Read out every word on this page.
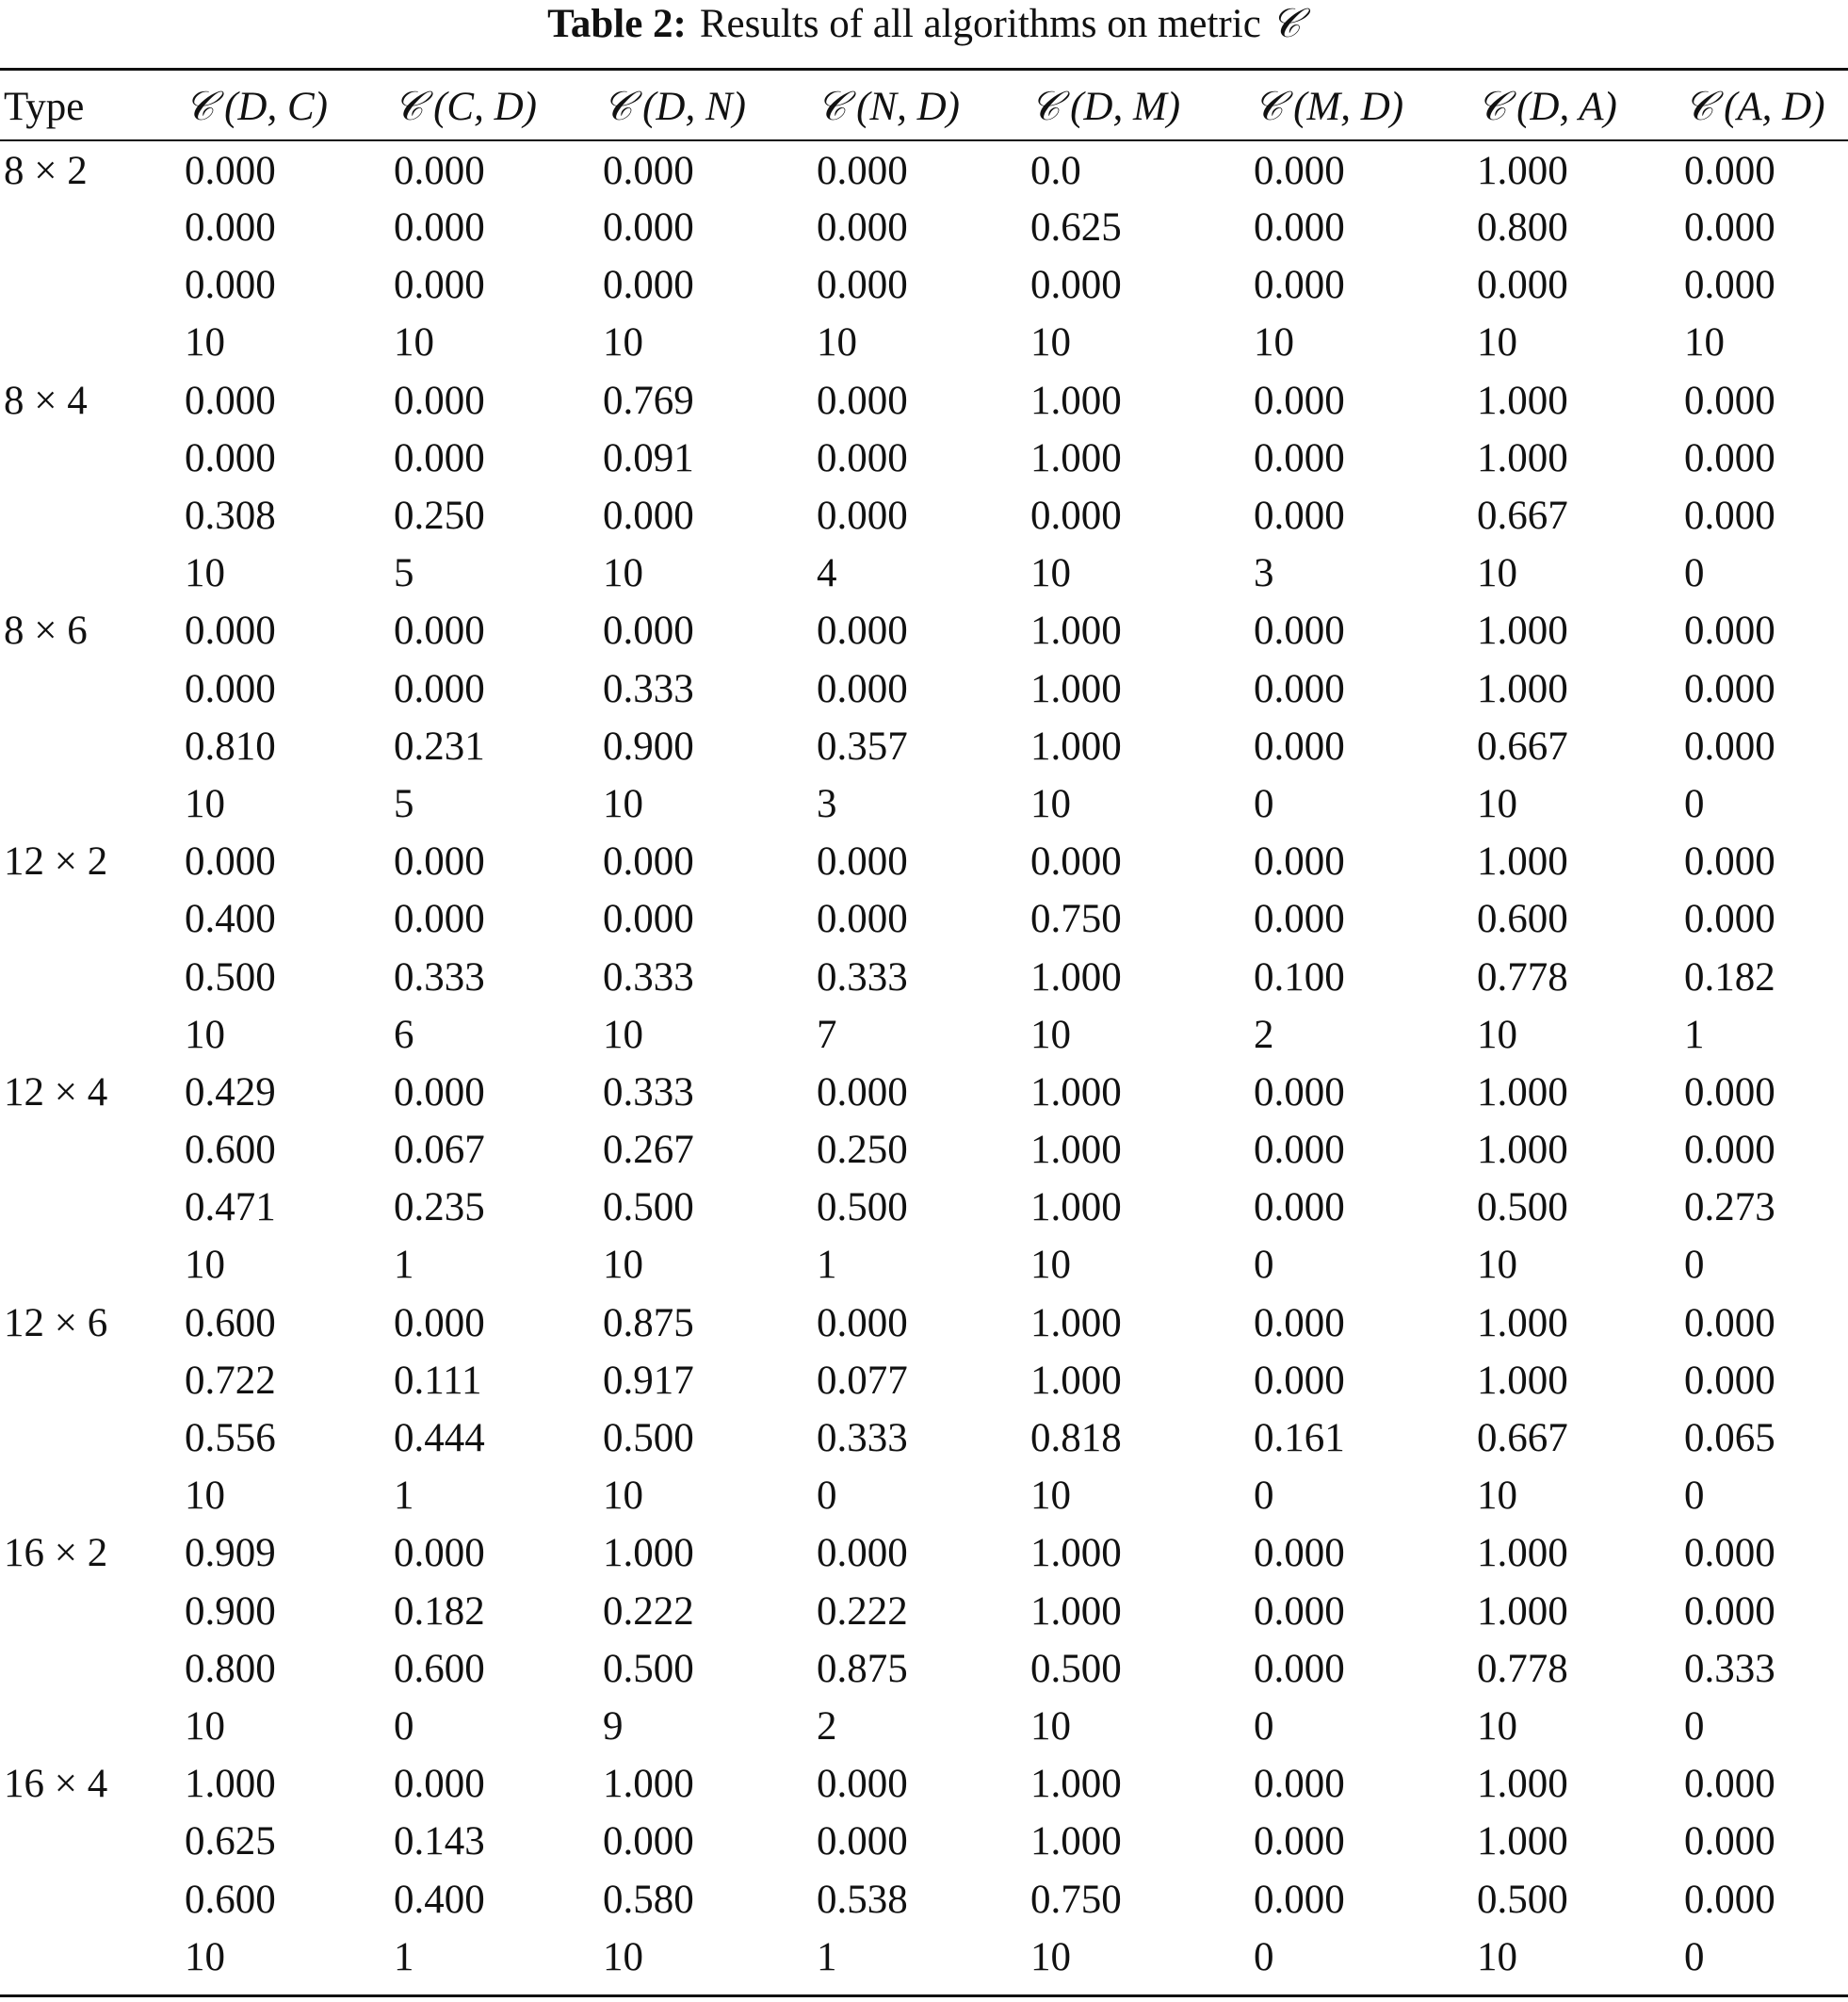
Table 2: Results of all algorithms on metric 𝒞
Type	𝒞 (D, C)	𝒞 (C, D)	𝒞 (D, N)	𝒞 (N, D)	𝒞 (D, M)	𝒞 (M, D)	𝒞 (D, A)	𝒞 (A, D)
8 × 2	0.000	0.000	0.000	0.000	0.0	0.000	1.000	0.000
	0.000	0.000	0.000	0.000	0.625	0.000	0.800	0.000
	0.000	0.000	0.000	0.000	0.000	0.000	0.000	0.000
	10	10	10	10	10	10	10	10
8 × 4	0.000	0.000	0.769	0.000	1.000	0.000	1.000	0.000
	0.000	0.000	0.091	0.000	1.000	0.000	1.000	0.000
	0.308	0.250	0.000	0.000	0.000	0.000	0.667	0.000
	10	5	10	4	10	3	10	0
8 × 6	0.000	0.000	0.000	0.000	1.000	0.000	1.000	0.000
	0.000	0.000	0.333	0.000	1.000	0.000	1.000	0.000
	0.810	0.231	0.900	0.357	1.000	0.000	0.667	0.000
	10	5	10	3	10	0	10	0
12 × 2	0.000	0.000	0.000	0.000	0.000	0.000	1.000	0.000
	0.400	0.000	0.000	0.000	0.750	0.000	0.600	0.000
	0.500	0.333	0.333	0.333	1.000	0.100	0.778	0.182
	10	6	10	7	10	2	10	1
12 × 4	0.429	0.000	0.333	0.000	1.000	0.000	1.000	0.000
	0.600	0.067	0.267	0.250	1.000	0.000	1.000	0.000
	0.471	0.235	0.500	0.500	1.000	0.000	0.500	0.273
	10	1	10	1	10	0	10	0
12 × 6	0.600	0.000	0.875	0.000	1.000	0.000	1.000	0.000
	0.722	0.111	0.917	0.077	1.000	0.000	1.000	0.000
	0.556	0.444	0.500	0.333	0.818	0.161	0.667	0.065
	10	1	10	0	10	0	10	0
16 × 2	0.909	0.000	1.000	0.000	1.000	0.000	1.000	0.000
	0.900	0.182	0.222	0.222	1.000	0.000	1.000	0.000
	0.800	0.600	0.500	0.875	0.500	0.000	0.778	0.333
	10	0	9	2	10	0	10	0
16 × 4	1.000	0.000	1.000	0.000	1.000	0.000	1.000	0.000
	0.625	0.143	0.000	0.000	1.000	0.000	1.000	0.000
	0.600	0.400	0.580	0.538	0.750	0.000	0.500	0.000
	10	1	10	1	10	0	10	0
